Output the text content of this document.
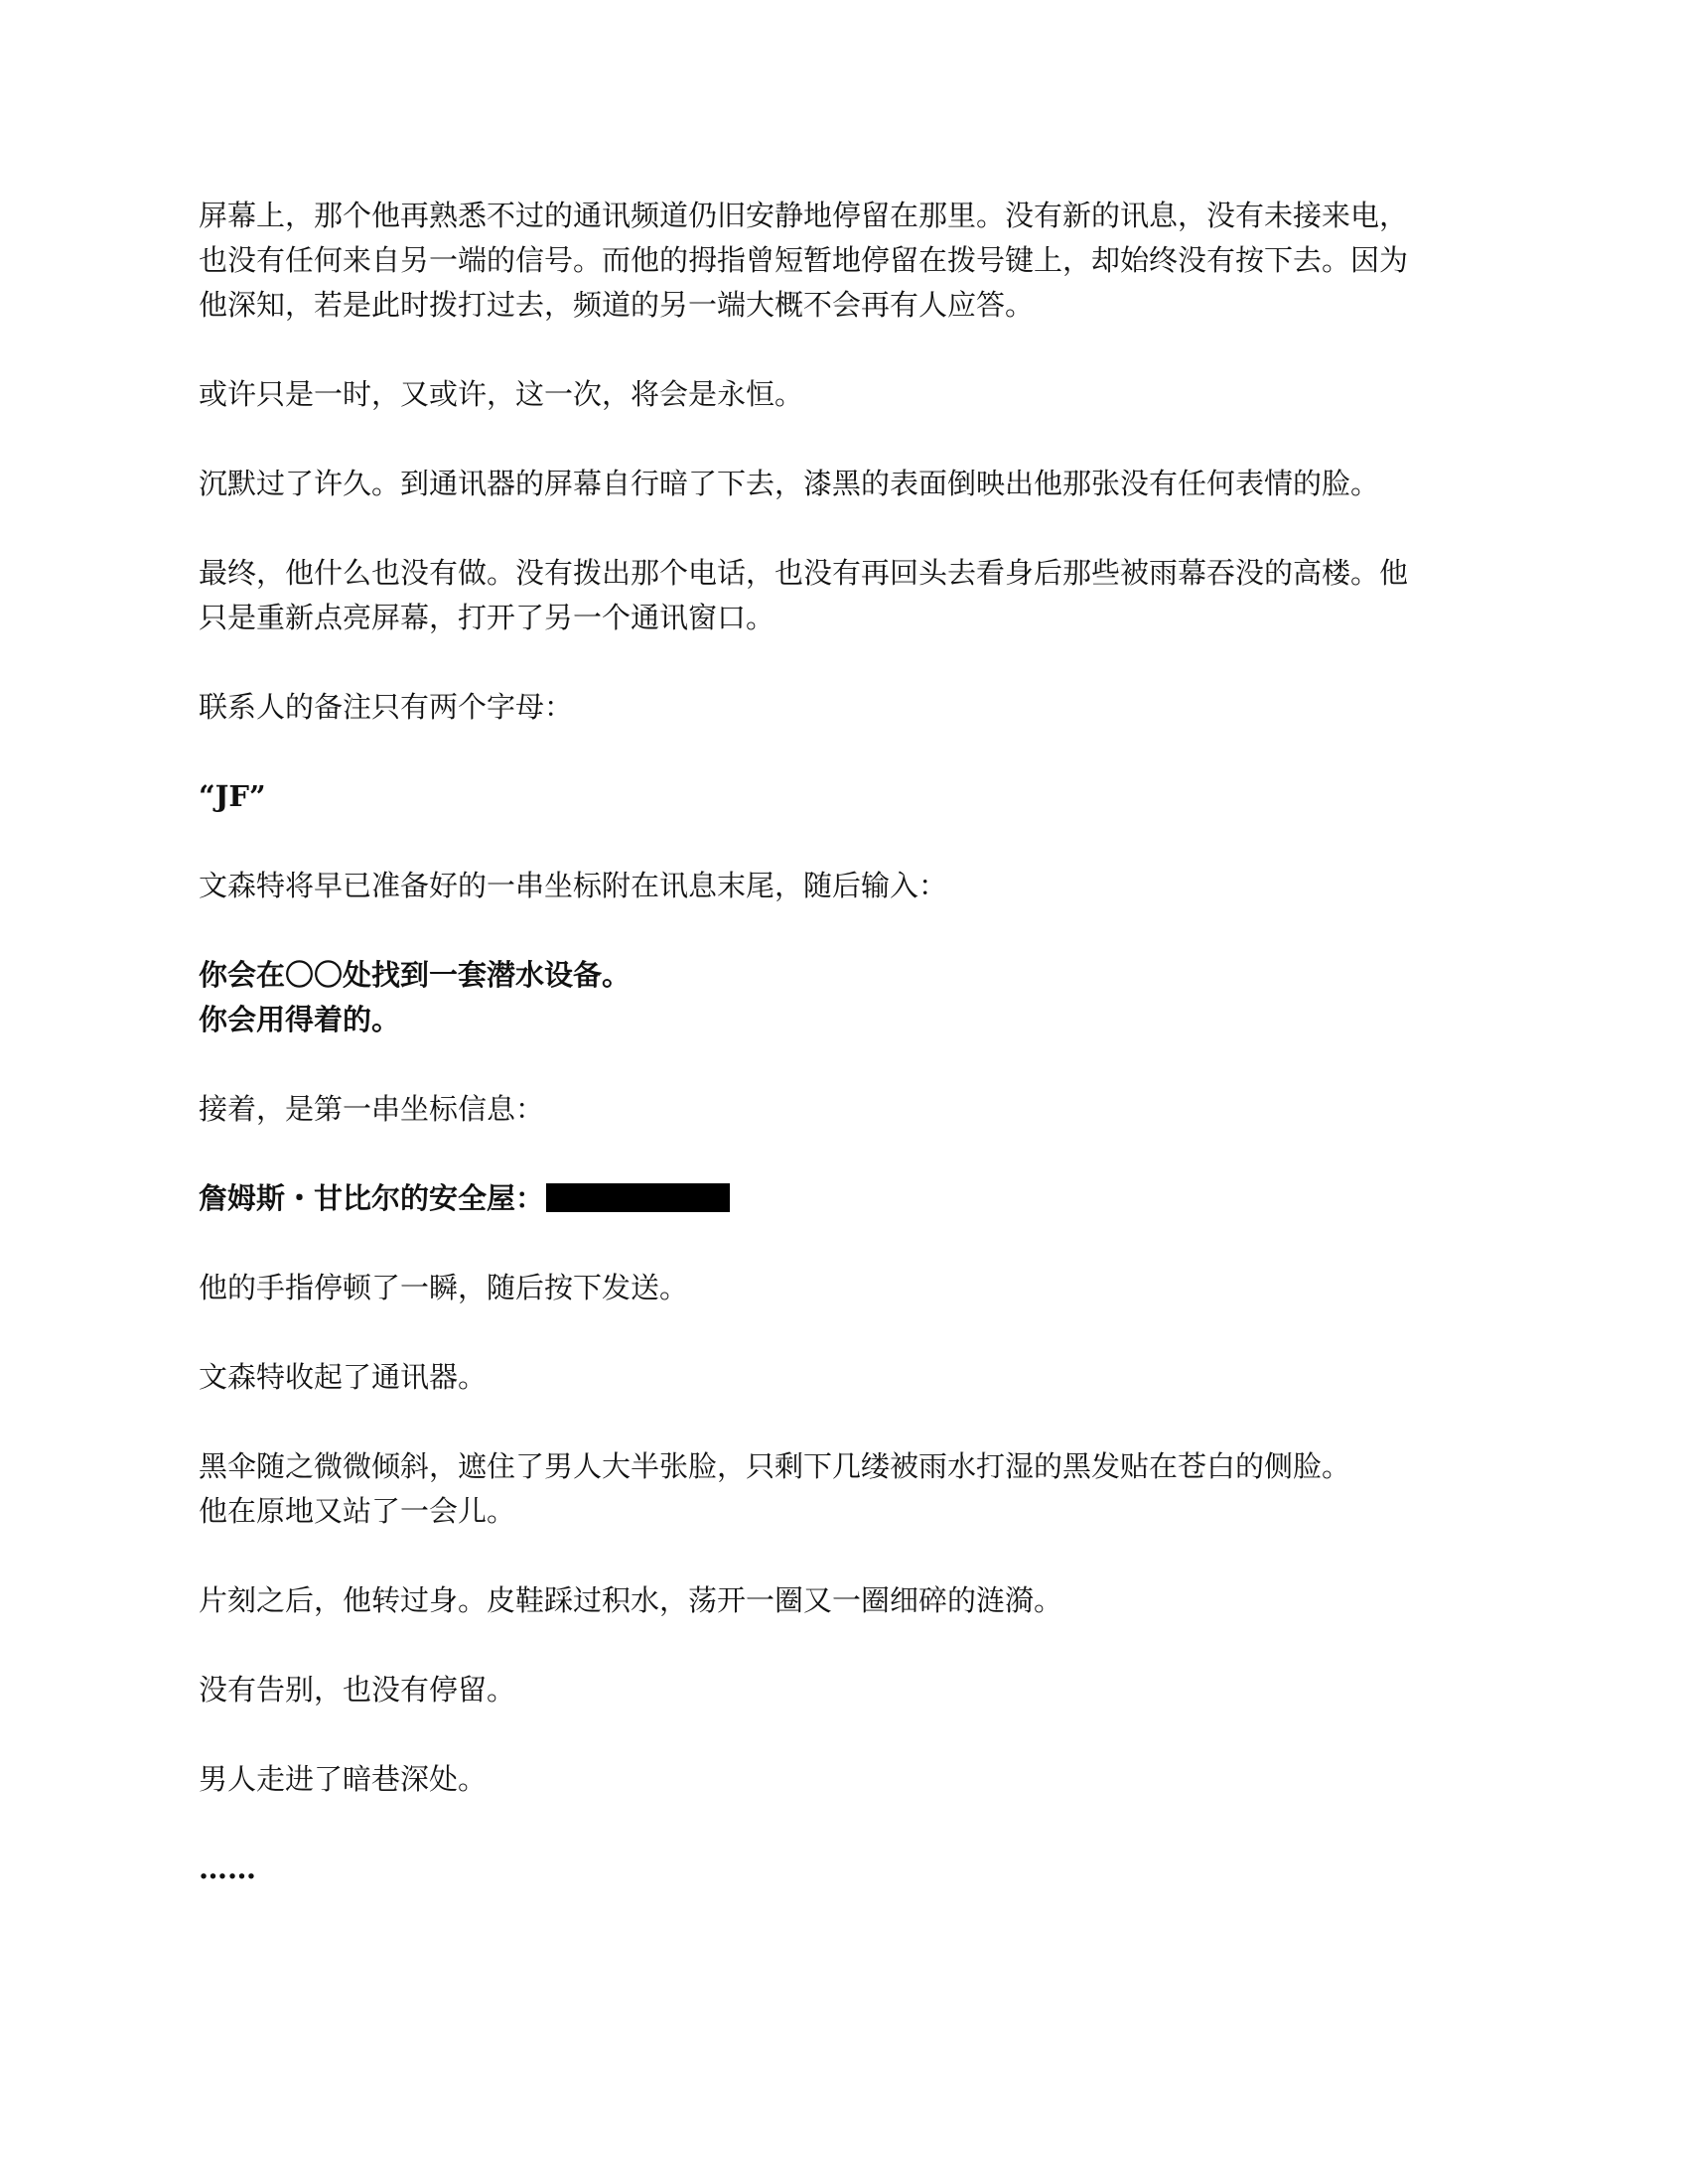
屏幕上，那个他再熟悉不过的通讯频道仍旧安静地停留在那里。没有新的讯息，没有未接来电，
也没有任何来自另一端的信号。而他的拇指曾短暂地停留在拨号键上，却始终没有按下去。因为
他深知，若是此时拨打过去，频道的另一端大概不会再有人应答。

或许只是一时，又或许，这一次，将会是永恒。

沉默过了许久。到通讯器的屏幕自行暗了下去，漆黑的表面倒映出他那张没有任何表情的脸。

最终，他什么也没有做。没有拨出那个电话，也没有再回头去看身后那些被雨幕吞没的高楼。他
只是重新点亮屏幕，打开了另一个通讯窗口。

联系人的备注只有两个字母：

“JF”

文森特将早已准备好的一串坐标附在讯息末尾，随后输入：

你会在〇〇处找到一套潜水设备。
你会用得着的。

接着，是第一串坐标信息：

詹姆斯・甘比尔的安全屋：

他的手指停顿了一瞬，随后按下发送。

文森特收起了通讯器。

黑伞随之微微倾斜，遮住了男人大半张脸，只剩下几缕被雨水打湿的黑发贴在苍白的侧脸。
他在原地又站了一会儿。

片刻之后，他转过身。皮鞋踩过积水，荡开一圈又一圈细碎的涟漪。

没有告别，也没有停留。

男人走进了暗巷深处。

……
